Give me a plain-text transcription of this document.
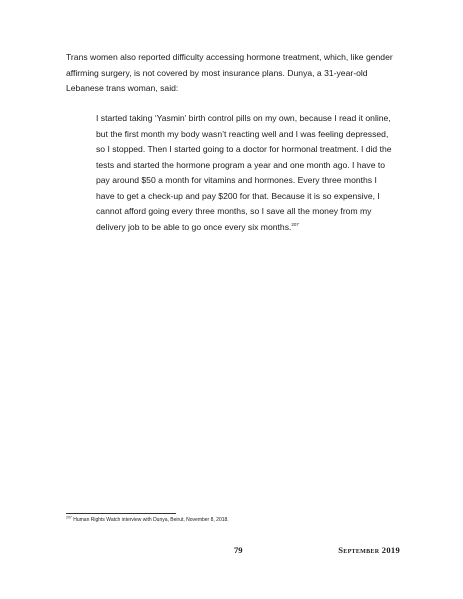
Trans women also reported difficulty accessing hormone treatment, which, like gender affirming surgery, is not covered by most insurance plans. Dunya, a 31-year-old Lebanese trans woman, said:

I started taking ‘Yasmin’ birth control pills on my own, because I read it online, but the first month my body wasn’t reacting well and I was feeling depressed, so I stopped. Then I started going to a doctor for hormonal treatment. I did the tests and started the hormone program a year and one month ago. I have to pay around $50 a month for vitamins and hormones. Every three months I have to get a check-up and pay $200 for that. Because it is so expensive, I cannot afford going every three months, so I save all the money from my delivery job to be able to go once every six months.$^{207}$

$^{207}$ Human Rights Watch interview with Dunya, Beirut, November 8, 2018.

79	September 2019
